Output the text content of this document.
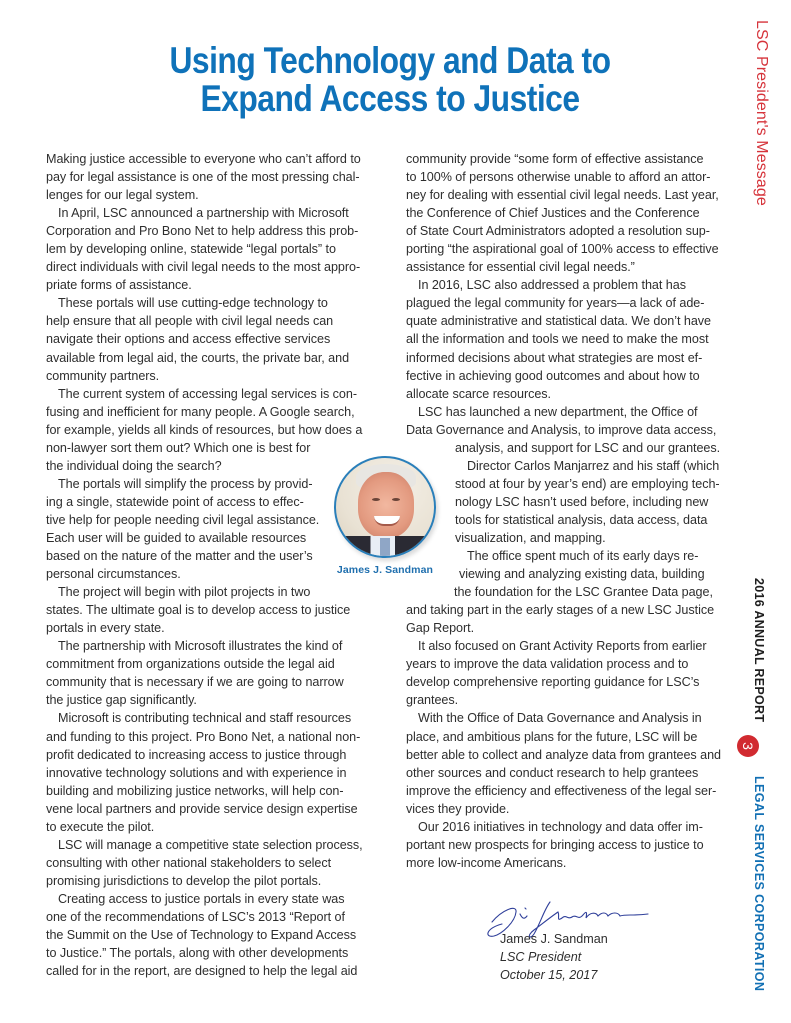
Using Technology and Data to
Expand Access to Justice
Making justice accessible to everyone who can’t afford to
pay for legal assistance is one of the most pressing chal-
lenges for our legal system.
In April, LSC announced a partnership with Microsoft
Corporation and Pro Bono Net to help address this prob-
lem by developing online, statewide “legal portals” to
direct individuals with civil legal needs to the most appro-
priate forms of assistance.
These portals will use cutting-edge technology to
help ensure that all people with civil legal needs can
navigate their options and access effective services
available from legal aid, the courts, the private bar, and
community partners.
The current system of accessing legal services is con-
fusing and inefficient for many people. A Google search,
for example, yields all kinds of resources, but how does a
non-lawyer sort them out? Which one is best for
the individual doing the search?
The portals will simplify the process by provid-
ing a single, statewide point of access to effec-
tive help for people needing civil legal assistance.
Each user will be guided to available resources
based on the nature of the matter and the user’s
personal circumstances.
The project will begin with pilot projects in two
states. The ultimate goal is to develop access to justice
portals in every state.
The partnership with Microsoft illustrates the kind of
commitment from organizations outside the legal aid
community that is necessary if we are going to narrow
the justice gap significantly.
Microsoft is contributing technical and staff resources
and funding to this project. Pro Bono Net, a national non-
profit dedicated to increasing access to justice through
innovative technology solutions and with experience in
building and mobilizing justice networks, will help con-
vene local partners and provide service design expertise
to execute the pilot.
LSC will manage a competitive state selection process,
consulting with other national stakeholders to select
promising jurisdictions to develop the pilot portals.
Creating access to justice portals in every state was
one of the recommendations of LSC’s 2013 “Report of
the Summit on the Use of Technology to Expand Access
to Justice.” The portals, along with other developments
called for in the report, are designed to help the legal aid
community provide “some form of effective assistance
to 100% of persons otherwise unable to afford an attor-
ney for dealing with essential civil legal needs. Last year,
the Conference of Chief Justices and the Conference
of State Court Administrators adopted a resolution sup-
porting “the aspirational goal of 100% access to effective
assistance for essential civil legal needs.”
In 2016, LSC also addressed a problem that has
plagued the legal community for years—a lack of ade-
quate administrative and statistical data. We don’t have
all the information and tools we need to make the most
informed decisions about what strategies are most ef-
fective in achieving good outcomes and about how to
allocate scarce resources.
LSC has launched a new department, the Office of
Data Governance and Analysis, to improve data access,
analysis, and support for LSC and our grantees.
Director Carlos Manjarrez and his staff (which
stood at four by year’s end) are employing tech-
nology LSC hasn’t used before, including new
tools for statistical analysis, data access, data
visualization, and mapping.
The office spent much of its early days re-
viewing and analyzing existing data, building
the foundation for the LSC Grantee Data page,
and taking part in the early stages of a new LSC Justice
Gap Report.
It also focused on Grant Activity Reports from earlier
years to improve the data validation process and to
develop comprehensive reporting guidance for LSC’s
grantees.
With the Office of Data Governance and Analysis in
place, and ambitious plans for the future, LSC will be
better able to collect and analyze data from grantees and
other sources and conduct research to help grantees
improve the efficiency and effectiveness of the legal ser-
vices they provide.
Our 2016 initiatives in technology and data offer im-
portant new prospects for bringing access to justice to
more low-income Americans.
James J. Sandman
James J. Sandman
LSC President
October 15, 2017
LSC President's Message
2016 ANNUAL REPORT
3
LEGAL SERVICES CORPORATION
